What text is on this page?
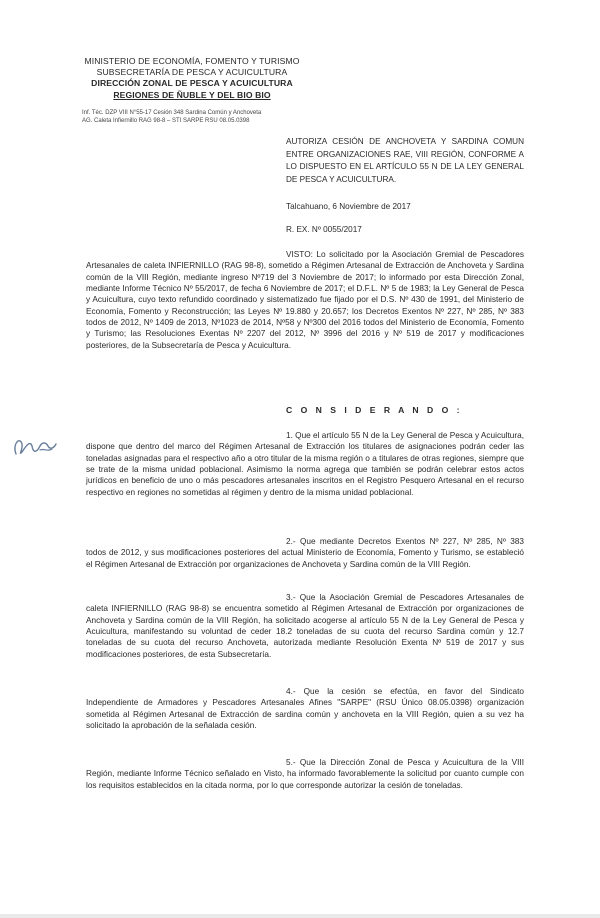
MINISTERIO DE ECONOMÍA, FOMENTO Y TURISMO
SUBSECRETARÍA DE PESCA Y ACUICULTURA
DIRECCIÓN ZONAL DE PESCA Y ACUICULTURA
REGIONES DE ÑUBLE Y DEL BIO BIO
Inf. Téc. DZP VIII N°55-17 Cesión 348 Sardina Común y Anchoveta
AG. Caleta Infiernillo RAG 98-8 – STI SARPE RSU 08.05.0398
AUTORIZA CESIÓN DE ANCHOVETA Y SARDINA COMUN ENTRE ORGANIZACIONES RAE, VIII REGIÓN, CONFORME A LO DISPUESTO EN EL ARTÍCULO 55 N DE LA LEY GENERAL DE PESCA Y ACUICULTURA.
Talcahuano, 6 Noviembre de 2017
R. EX. Nº 0055/2017
VISTO: Lo solicitado por la Asociación Gremial de Pescadores Artesanales de caleta INFIERNILLO (RAG 98-8), sometido a Régimen Artesanal de Extracción de Anchoveta y Sardina común de la VIII Región, mediante ingreso Nº719 del 3 Noviembre de 2017; lo informado por esta Dirección Zonal, mediante Informe Técnico Nº 55/2017, de fecha 6 Noviembre de 2017; el D.F.L. Nº 5 de 1983; la Ley General de Pesca y Acuicultura, cuyo texto refundido coordinado y sistematizado fue fijado por el D.S. Nº 430 de 1991, del Ministerio de Economía, Fomento y Reconstrucción; las Leyes Nº 19.880 y 20.657; los Decretos Exentos Nº 227, Nº 285, Nº 383 todos de 2012, Nº 1409 de 2013, Nº1023 de 2014, Nº58 y Nº300 del 2016 todos del Ministerio de Economía, Fomento y Turismo; las Resoluciones Exentas Nº 2207 del 2012, Nº 3996 del 2016 y Nº 519 de 2017 y modificaciones posteriores, de la Subsecretaría de Pesca y Acuicultura.
C O N S I D E R A N D O :
1. Que el artículo 55 N de la Ley General de Pesca y Acuicultura, dispone que dentro del marco del Régimen Artesanal de Extracción los titulares de asignaciones podrán ceder las toneladas asignadas para el respectivo año a otro titular de la misma región o a titulares de otras regiones, siempre que se trate de la misma unidad poblacional. Asimismo la norma agrega que también se podrán celebrar estos actos jurídicos en beneficio de uno o más pescadores artesanales inscritos en el Registro Pesquero Artesanal en el recurso respectivo en regiones no sometidas al régimen y dentro de la misma unidad poblacional.
2.- Que mediante Decretos Exentos Nº 227, Nº 285, Nº 383 todos de 2012, y sus modificaciones posteriores del actual Ministerio de Economía, Fomento y Turismo, se estableció el Régimen Artesanal de Extracción por organizaciones de Anchoveta y Sardina común de la VIII Región.
3.- Que la Asociación Gremial de Pescadores Artesanales de caleta INFIERNILLO (RAG 98-8) se encuentra sometido al Régimen Artesanal de Extracción por organizaciones de Anchoveta y Sardina común de la VIII Región, ha solicitado acogerse al artículo 55 N de la Ley General de Pesca y Acuicultura, manifestando su voluntad de ceder 18.2 toneladas de su cuota del recurso Sardina común y 12.7 toneladas de su cuota del recurso Anchoveta, autorizada mediante Resolución Exenta Nº 519 de 2017 y sus modificaciones posteriores, de esta Subsecretaría.
4.- Que la cesión se efectúa, en favor del Sindicato Independiente de Armadores y Pescadores Artesanales Afines "SARPE" (RSU Único 08.05.0398) organización sometida al Régimen Artesanal de Extracción de sardina común y anchoveta en la VIII Región, quien a su vez ha solicitado la aprobación de la señalada cesión.
5.- Que la Dirección Zonal de Pesca y Acuicultura de la VIII Región, mediante Informe Técnico señalado en Visto, ha informado favorablemente la solicitud por cuanto cumple con los requisitos establecidos en la citada norma, por lo que corresponde autorizar la cesión de toneladas.
